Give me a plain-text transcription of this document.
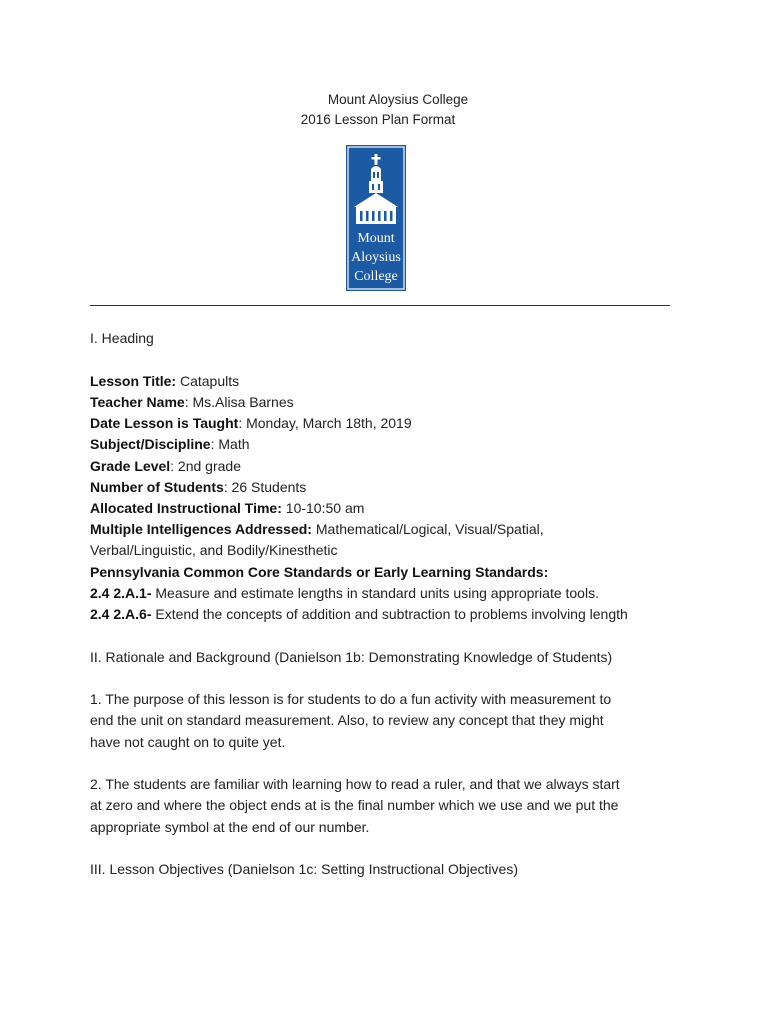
Mount Aloysius College
2016 Lesson Plan Format
Mount
Aloysius
College
I. Heading
Lesson Title: Catapults
Teacher Name: Ms.Alisa Barnes
Date Lesson is Taught: Monday, March 18th, 2019
Subject/Discipline: Math
Grade Level: 2nd grade
Number of Students: 26 Students
Allocated Instructional Time: 10-10:50 am
Multiple Intelligences Addressed: Mathematical/Logical, Visual/Spatial,
Verbal/Linguistic, and Bodily/Kinesthetic
Pennsylvania Common Core Standards or Early Learning Standards:
2.4 2.A.1- Measure and estimate lengths in standard units using appropriate tools.
2.4 2.A.6- Extend the concepts of addition and subtraction to problems involving length
II. Rationale and Background (Danielson 1b: Demonstrating Knowledge of Students)
1. The purpose of this lesson is for students to do a fun activity with measurement to
end the unit on standard measurement. Also, to review any concept that they might
have not caught on to quite yet.
2. The students are familiar with learning how to read a ruler, and that we always start
at zero and where the object ends at is the final number which we use and we put the
appropriate symbol at the end of our number.
III. Lesson Objectives (Danielson 1c: Setting Instructional Objectives)
